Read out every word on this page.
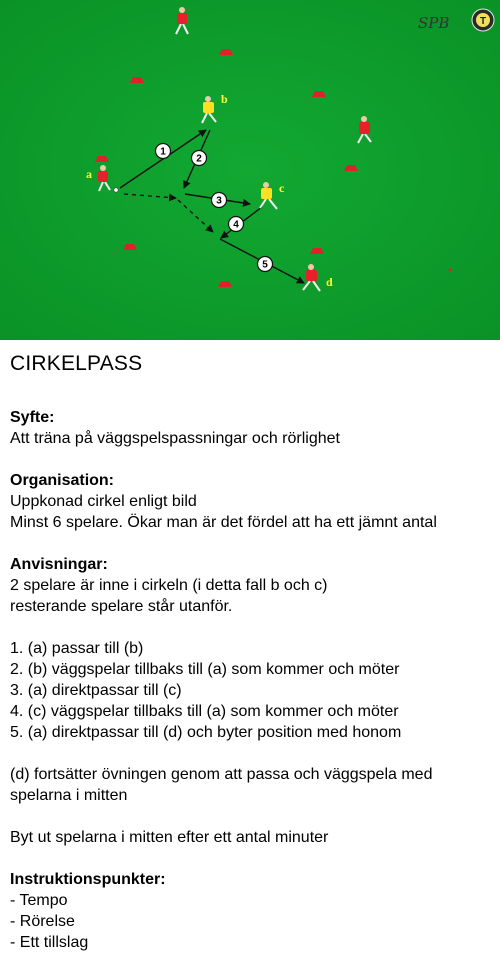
1
2
3
4
5
a
b
c
d
SPB	T
CIRKELPASS
Syfte:
Att träna på väggspelspassningar och rörlighet
Organisation:
Uppkonad cirkel enligt bild
Minst 6 spelare. Ökar man är det fördel att ha ett jämnt antal
Anvisningar:
2 spelare är inne i cirkeln (i detta fall b och c)
resterande spelare står utanför.
1. (a) passar till (b)
2. (b) väggspelar tillbaks till (a) som kommer och möter
3. (a) direktpassar till (c)
4. (c) väggspelar tillbaks till (a) som kommer och möter
5. (a) direktpassar till (d) och byter position med honom
(d) fortsätter övningen genom att passa och väggspela med
spelarna i mitten
Byt ut spelarna i mitten efter ett antal minuter
Instruktionspunkter:
- Tempo
- Rörelse
- Ett tillslag
